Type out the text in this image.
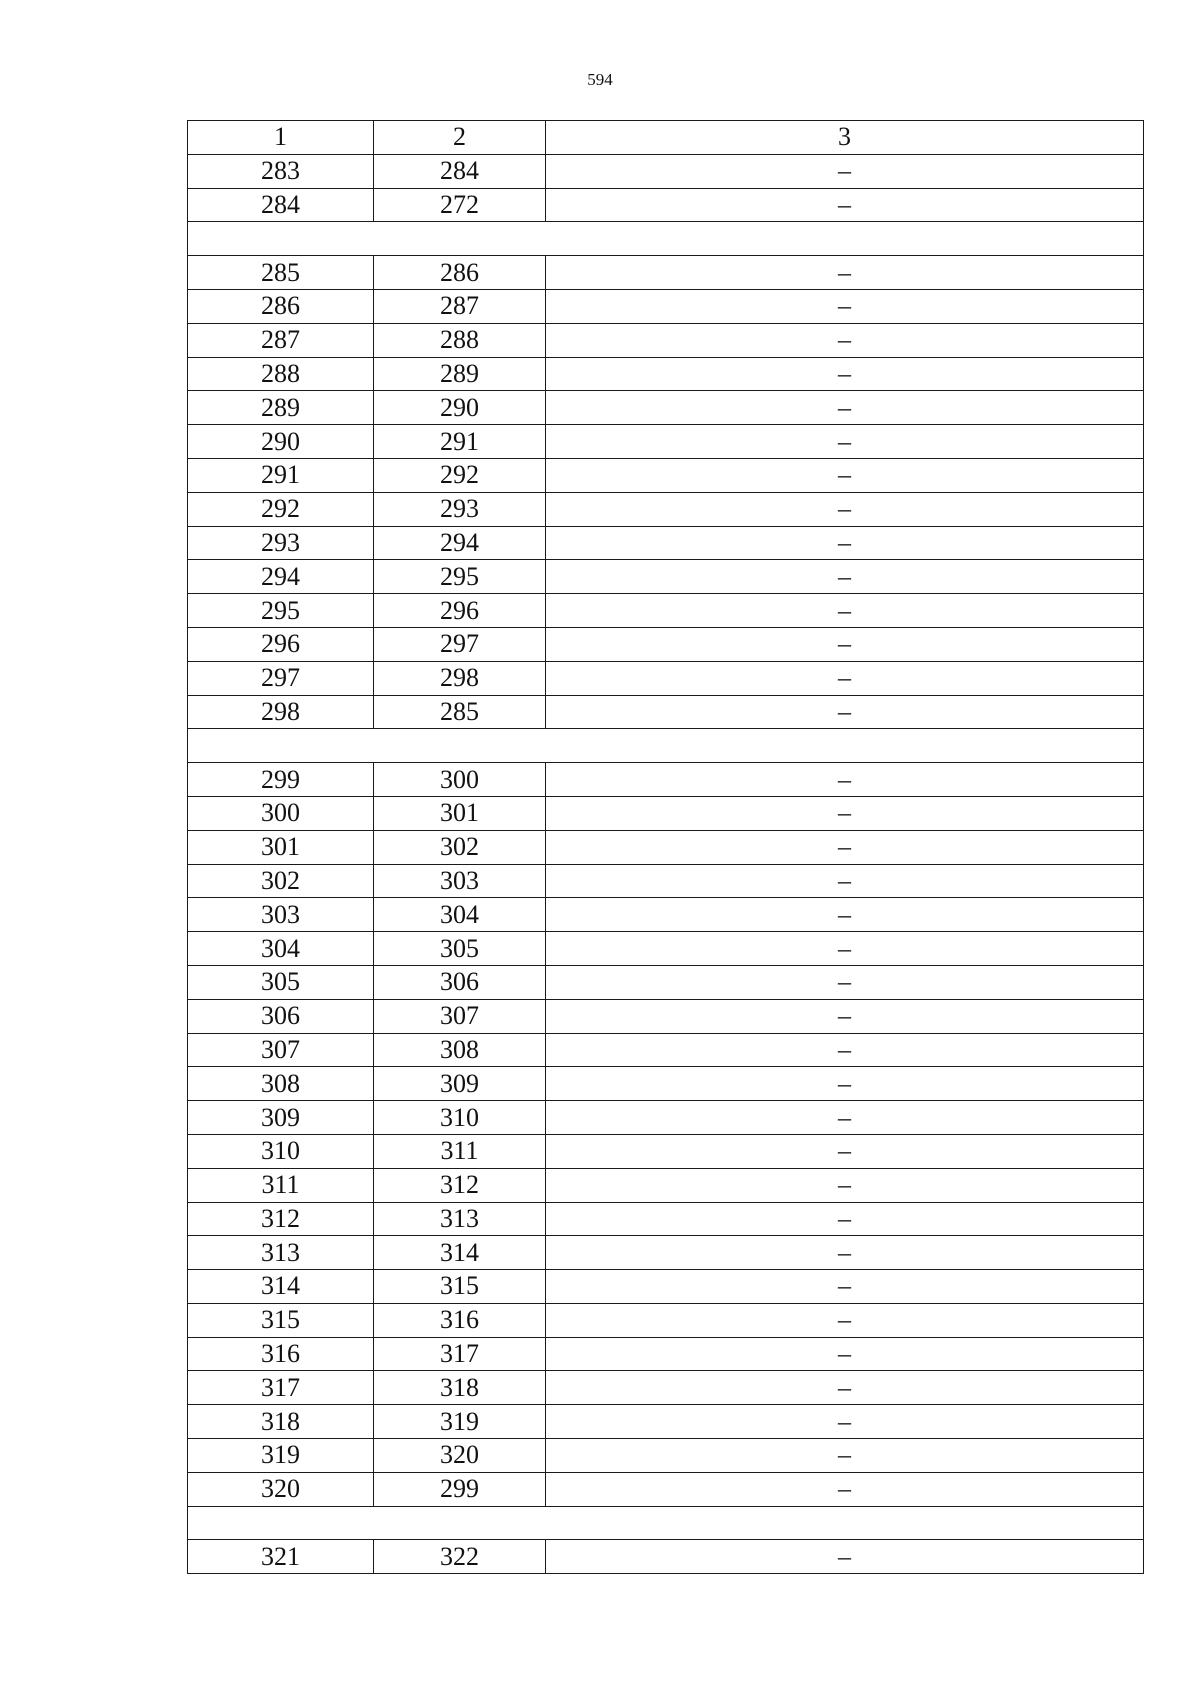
594
1	2	3
283	284	–
284	272	–

285	286	–
286	287	–
287	288	–
288	289	–
289	290	–
290	291	–
291	292	–
292	293	–
293	294	–
294	295	–
295	296	–
296	297	–
297	298	–
298	285	–

299	300	–
300	301	–
301	302	–
302	303	–
303	304	–
304	305	–
305	306	–
306	307	–
307	308	–
308	309	–
309	310	–
310	311	–
311	312	–
312	313	–
313	314	–
314	315	–
315	316	–
316	317	–
317	318	–
318	319	–
319	320	–
320	299	–

321	322	–
